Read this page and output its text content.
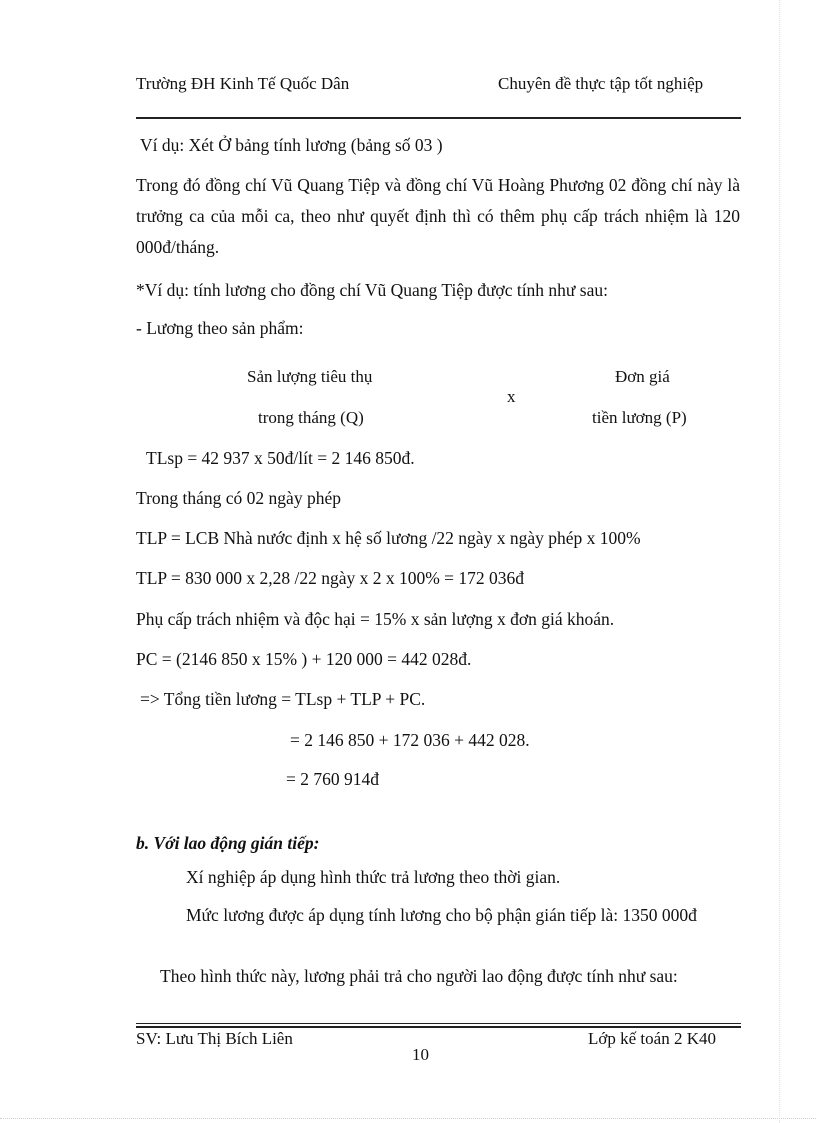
Trường ĐH Kinh Tế Quốc Dân	Chuyên đề thực tập tốt nghiệp
Ví dụ: Xét Ở bảng tính lương (bảng số 03 )
Trong đó đồng chí Vũ Quang Tiệp và đồng chí Vũ Hoàng Phương 02 đồng chí này là trưởng ca của mỗi ca, theo như quyết định thì có thêm phụ cấp trách nhiệm là 120 000đ/tháng.
*Ví dụ: tính lương cho đồng chí Vũ Quang Tiệp được tính như sau:
- Lương theo sản phẩm:
Sản lượng tiêu thụ
trong tháng (Q)
x
Đơn giá
tiền lương (P)
TLsp = 42 937 x 50đ/lít = 2 146 850đ.
Trong tháng có 02 ngày phép
TLP = LCB Nhà nước định x hệ số lương /22 ngày x ngày phép x 100%
TLP = 830 000 x 2,28 /22 ngày x 2 x 100% = 172 036đ
Phụ cấp trách nhiệm và độc hại = 15% x sản lượng x đơn giá khoán.
PC = (2146 850 x 15% ) + 120 000 = 442 028đ.
=> Tổng tiền lương = TLsp + TLP + PC.
= 2 146 850 + 172 036 + 442 028.
= 2 760 914đ
b. Với lao động gián tiếp:
Xí nghiệp áp dụng hình thức trả lương theo thời gian.
Mức lương được áp dụng tính lương cho bộ phận gián tiếp là: 1350 000đ
Theo hình thức này, lương phải trả cho người lao động được tính như sau:
SV: Lưu Thị Bích Liên	Lớp kế toán 2 K40
10
